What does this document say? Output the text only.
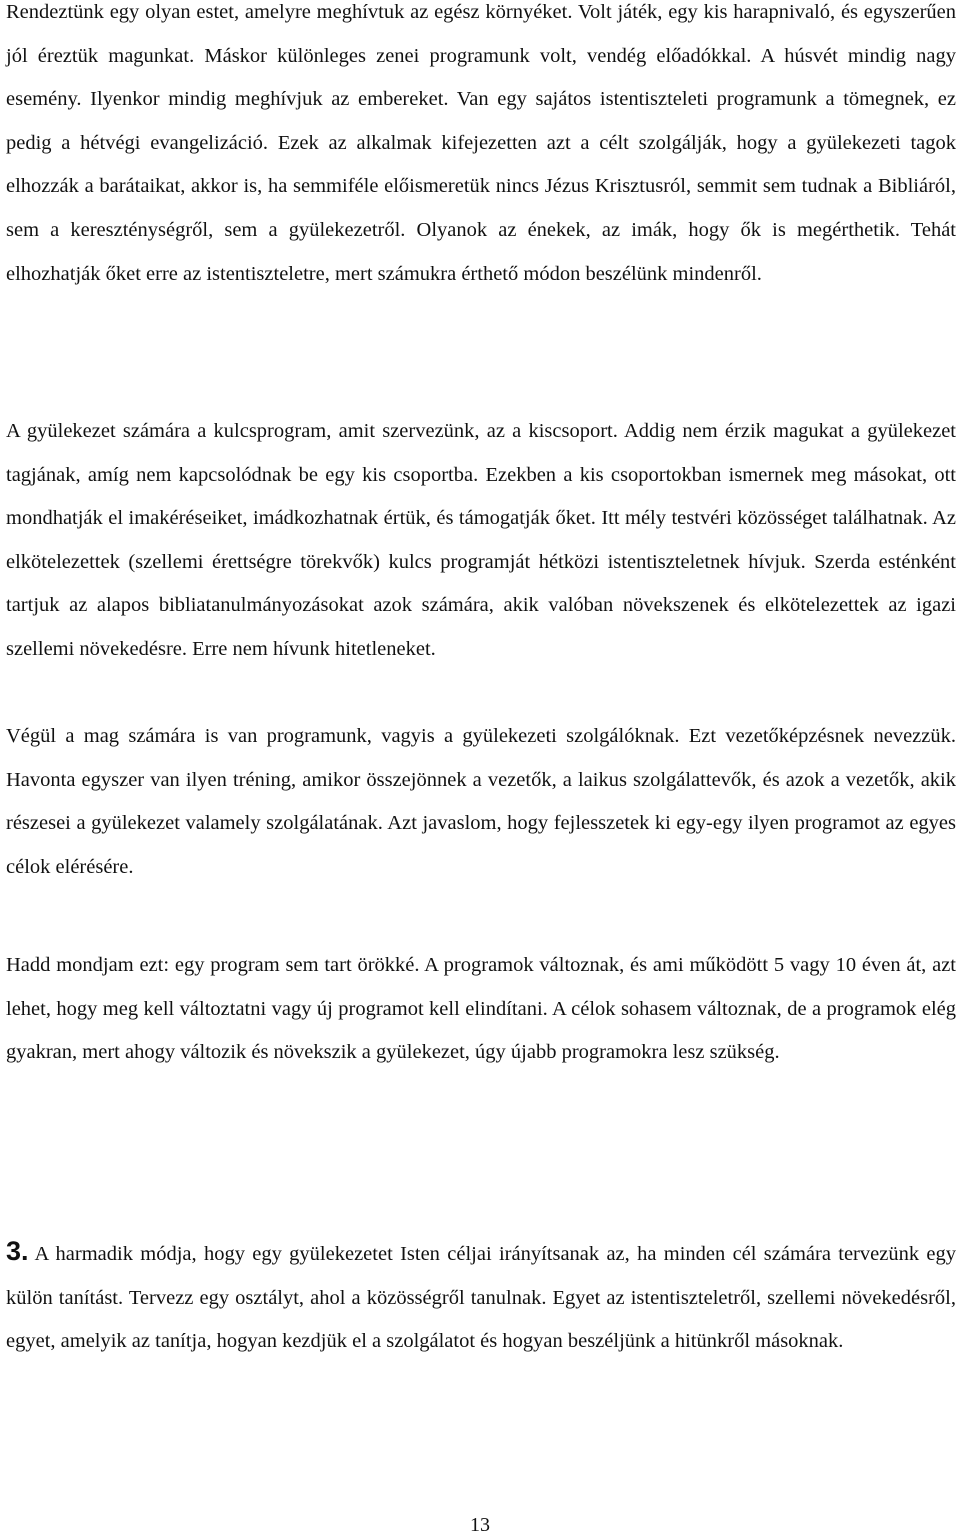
Rendeztünk egy olyan estet, amelyre meghívtuk az egész környéket. Volt játék, egy kis harapnivaló, és egyszerűen jól éreztük magunkat. Máskor különleges zenei programunk volt, vendég előadókkal. A húsvét mindig nagy esemény. Ilyenkor mindig meghívjuk az embereket. Van egy sajátos istentiszteleti programunk a tömegnek, ez pedig a hétvégi evangelizáció. Ezek az alkalmak kifejezetten azt a célt szolgálják, hogy a gyülekezeti tagok elhozzák a barátaikat, akkor is, ha semmiféle előismeretük nincs Jézus Krisztusról, semmit sem tudnak a Bibliáról, sem a kereszténységről, sem a gyülekezetről. Olyanok az énekek, az imák, hogy ők is megérthetik. Tehát elhozhatják őket erre az istentiszteletre, mert számukra érthető módon beszélünk mindenről.

A gyülekezet számára a kulcsprogram, amit szervezünk, az a kiscsoport. Addig nem érzik magukat a gyülekezet tagjának, amíg nem kapcsolódnak be egy kis csoportba. Ezekben a kis csoportokban ismernek meg másokat, ott mondhatják el imakéréseiket, imádkozhatnak értük, és támogatják őket. Itt mély testvéri közösséget találhatnak. Az elkötelezettek (szellemi érettségre törekvők) kulcs programját hétközi istentiszteletnek hívjuk. Szerda esténként tartjuk az alapos bibliatanulmányozásokat azok számára, akik valóban növekszenek és elkötelezettek az igazi szellemi növekedésre. Erre nem hívunk hitetleneket.

Végül a mag számára is van programunk, vagyis a gyülekezeti szolgálóknak. Ezt vezetőképzésnek nevezzük. Havonta egyszer van ilyen tréning, amikor összejönnek a vezetők, a laikus szolgálattevők, és azok a vezetők, akik részesei a gyülekezet valamely szolgálatának. Azt javaslom, hogy fejlesszetek ki egy-egy ilyen programot az egyes célok elérésére.

Hadd mondjam ezt: egy program sem tart örökké. A programok változnak, és ami működött 5 vagy 10 éven át, azt lehet, hogy meg kell változtatni vagy új programot kell elindítani. A célok sohasem változnak, de a programok elég gyakran, mert ahogy változik és növekszik a gyülekezet, úgy újabb programokra lesz szükség.

3. A harmadik módja, hogy egy gyülekezetet Isten céljai irányítsanak az, ha minden cél számára tervezünk egy külön tanítást. Tervezz egy osztályt, ahol a közösségről tanulnak. Egyet az istentiszteletről, szellemi növekedésről, egyet, amelyik az tanítja, hogyan kezdjük el a szolgálatot és hogyan beszéljünk a hitünkről másoknak.

13
